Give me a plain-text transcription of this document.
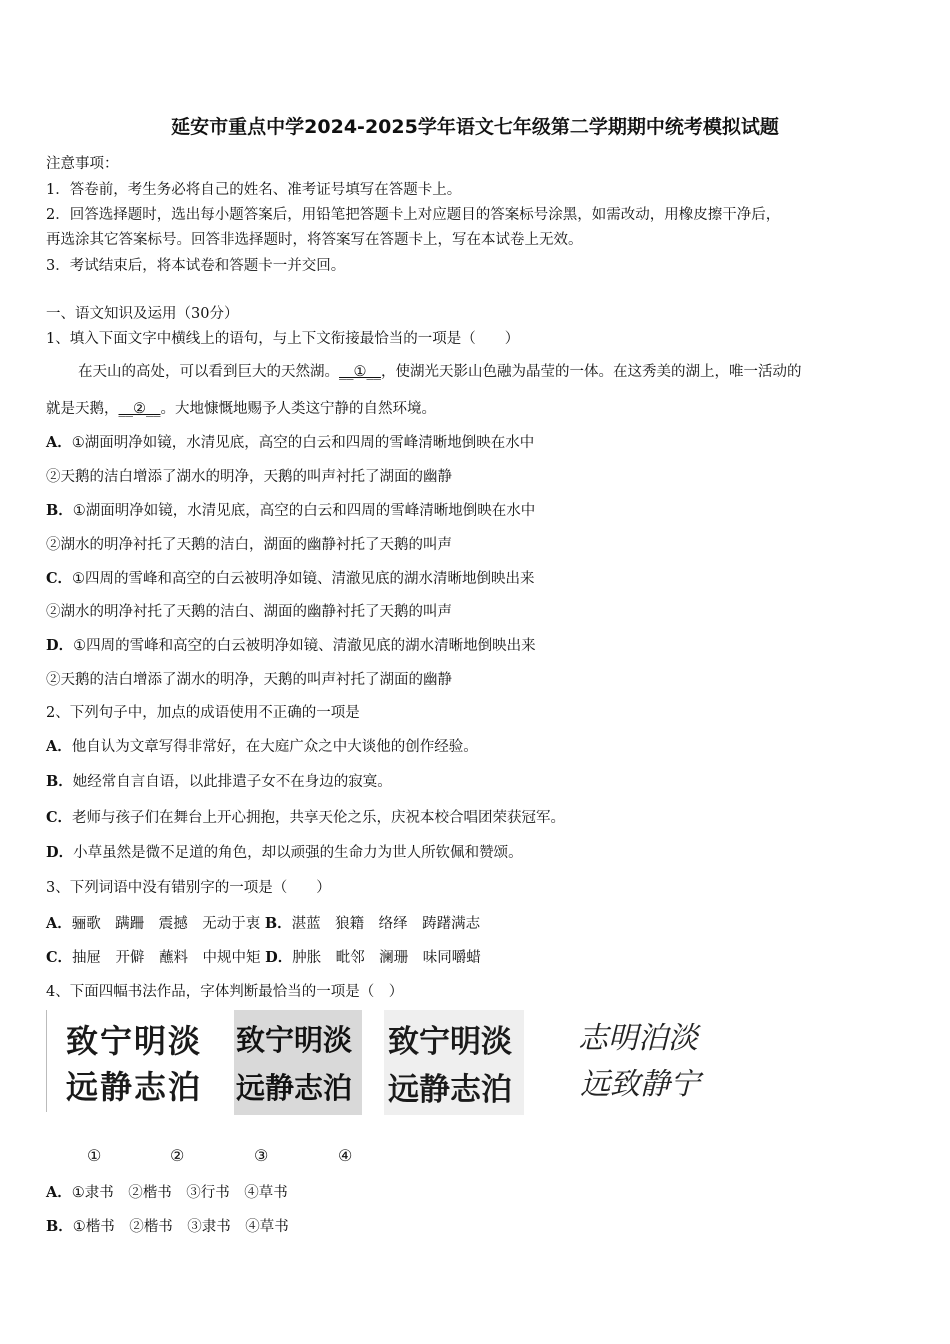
延安市重点中学2024-2025学年语文七年级第二学期期中统考模拟试题
注意事项：
1．答卷前，考生务必将自己的姓名、准考证号填写在答题卡上。
2．回答选择题时，选出每小题答案后，用铅笔把答题卡上对应题目的答案标号涂黑，如需改动，用橡皮擦干净后，
再选涂其它答案标号。回答非选择题时，将答案写在答题卡上，写在本试卷上无效。
3．考试结束后，将本试卷和答题卡一并交回。
一、语文知识及运用（30分）
1、填入下面文字中横线上的语句，与上下文衔接最恰当的一项是（　　）
在天山的高处，可以看到巨大的天然湖。__①__，使湖光天影山色融为晶莹的一体。在这秀美的湖上，唯一活动的
就是天鹅，__②__。大地慷慨地赐予人类这宁静的自然环境。
A．①湖面明净如镜，水清见底，高空的白云和四周的雪峰清晰地倒映在水中
②天鹅的洁白增添了湖水的明净，天鹅的叫声衬托了湖面的幽静
B．①湖面明净如镜，水清见底，高空的白云和四周的雪峰清晰地倒映在水中
②湖水的明净衬托了天鹅的洁白，湖面的幽静衬托了天鹅的叫声
C．①四周的雪峰和高空的白云被明净如镜、清澈见底的湖水清晰地倒映出来
②湖水的明净衬托了天鹅的洁白、湖面的幽静衬托了天鹅的叫声
D．①四周的雪峰和高空的白云被明净如镜、清澈见底的湖水清晰地倒映出来
②天鹅的洁白增添了湖水的明净，天鹅的叫声衬托了湖面的幽静
2、下列句子中，加点的成语使用不正确的一项是
A．他自认为文章写得非常好，在大庭广众之中大谈他的创作经验。
B．她经常自言自语，以此排遣子女不在身边的寂寞。
C．老师与孩子们在舞台上开心拥抱，共享天伦之乐，庆祝本校合唱团荣获冠军。
D．小草虽然是微不足道的角色，却以顽强的生命力为世人所钦佩和赞颂。
3、下列词语中没有错别字的一项是（　　）
A．骊歌　蹒跚　震撼　无动于衷 B．湛蓝　狼籍　络绎　踌躇满志
C．抽屉　开僻　蘸料　中规中矩 D．肿胀　毗邻　澜珊　味同嚼蜡
4、下面四幅书法作品，字体判断最恰当的一项是（　）
致宁明淡
远静志泊
致宁明淡
远静志泊
致宁明淡
远静志泊
志明泊淡
远致静宁
①	②	③	④
A．①隶书　②楷书　③行书　④草书
B．①楷书　②楷书　③隶书　④草书
